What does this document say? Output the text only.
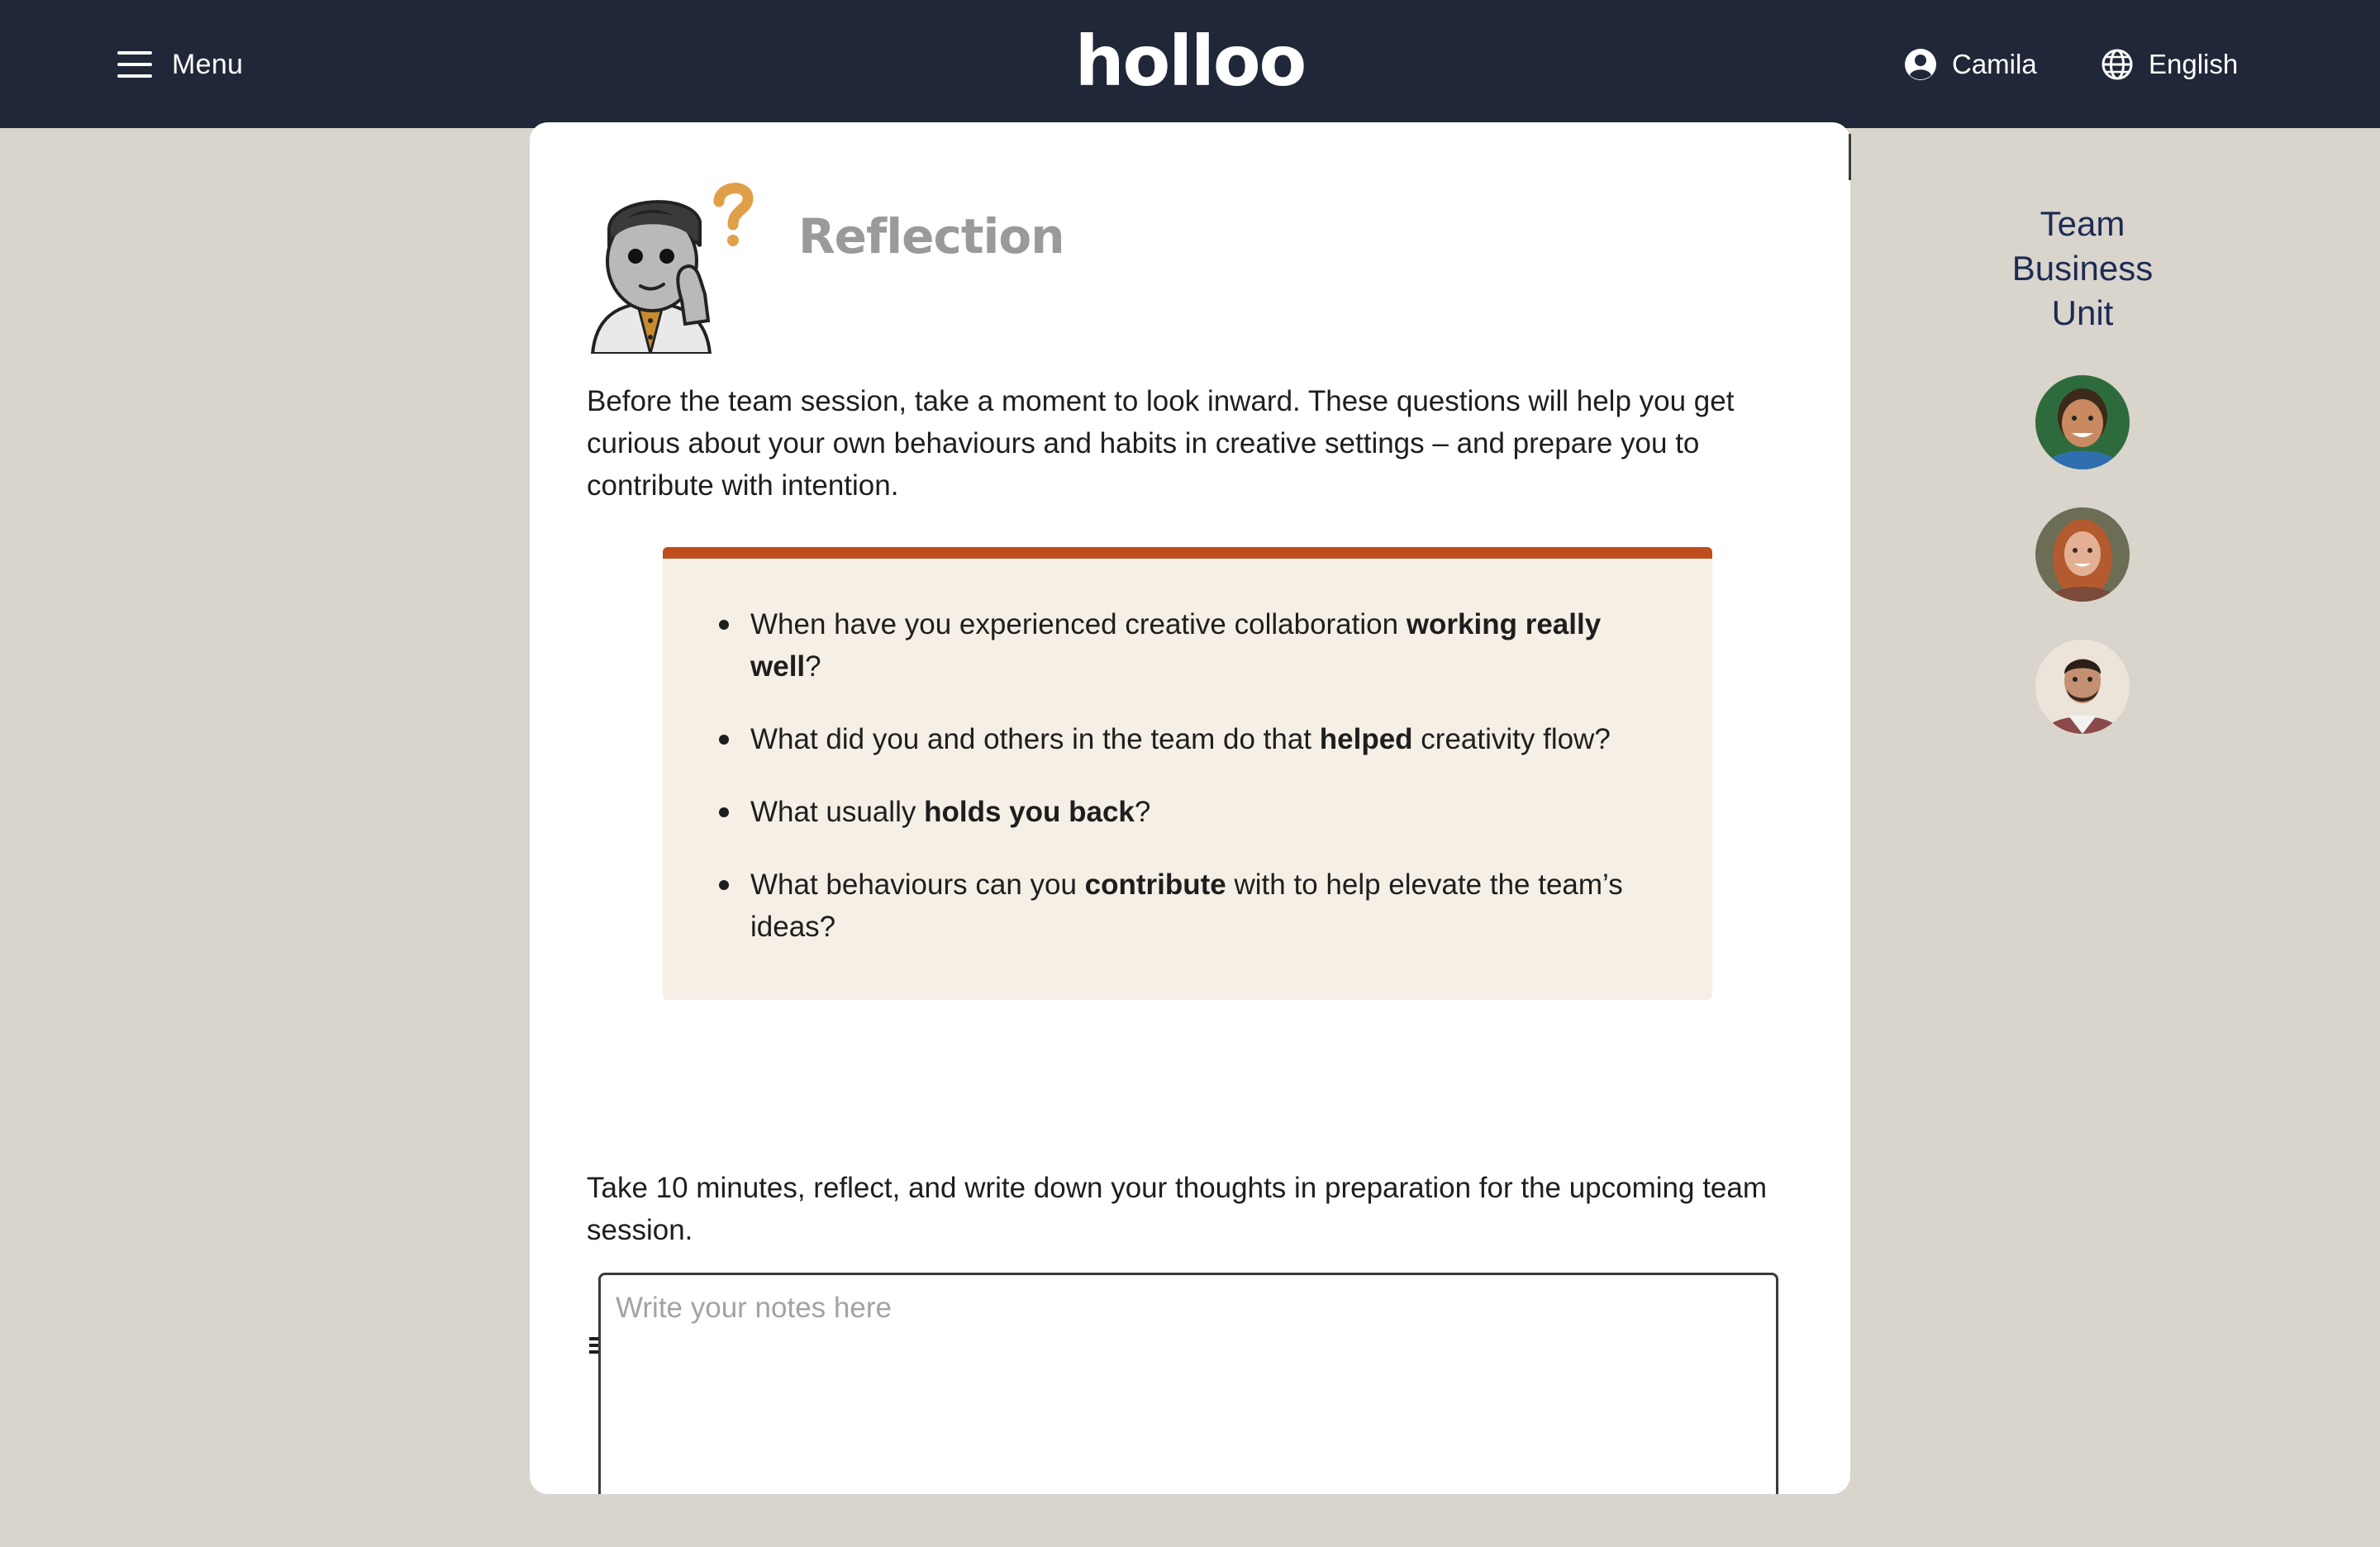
Menu	holloo	Camila	English
Reflection

Before the team session, take a moment to look inward. These questions will help you get curious about your own behaviours and habits in creative settings – and prepare you to contribute with intention.

When have you experienced creative collaboration working really well?
What did you and others in the team do that helped creativity flow?
What usually holds you back?
What behaviours can you contribute with to help elevate the team’s ideas?

Take 10 minutes, reflect, and write down your thoughts in preparation for the upcoming team session.

Write your notes here
Team
Business
Unit
